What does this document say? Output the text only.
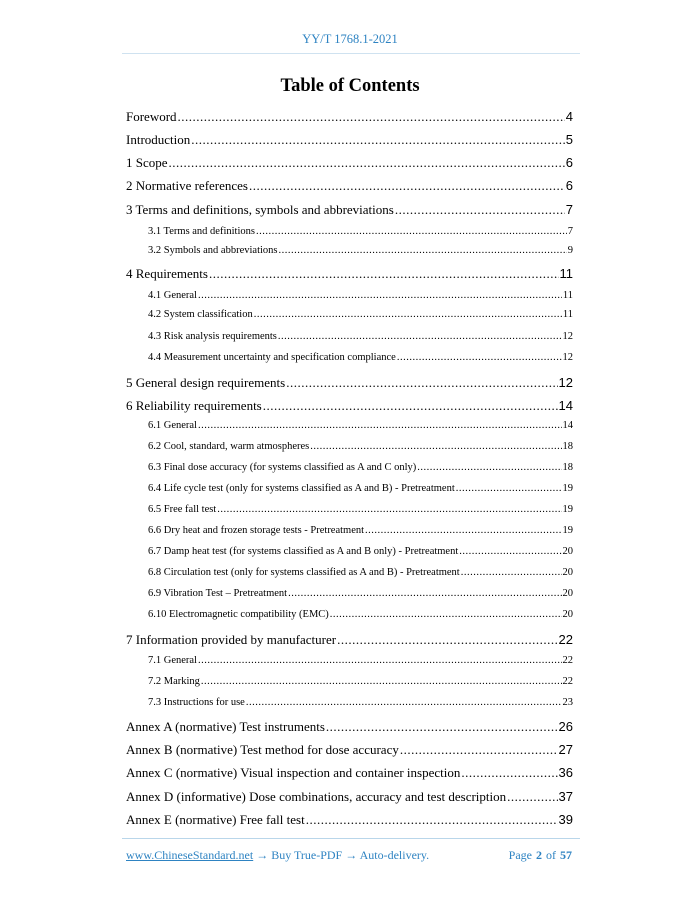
YY/T 1768.1-2021
Table of Contents
Foreword .....	4
Introduction .....	5
1 Scope .....	6
2 Normative references .....	6
3 Terms and definitions, symbols and abbreviations .....	7
3.1 Terms and definitions .....	7
3.2 Symbols and abbreviations .....	9
4 Requirements .....	11
4.1 General .....	11
4.2 System classification .....	11
4.3 Risk analysis requirements .....	12
4.4 Measurement uncertainty and specification compliance .....	12
5 General design requirements .....	12
6 Reliability requirements .....	14
6.1 General .....	14
6.2 Cool, standard, warm atmospheres .....	18
6.3 Final dose accuracy (for systems classified as A and C only) .....	18
6.4 Life cycle test (only for systems classified as A and B) - Pretreatment .....	19
6.5 Free fall test .....	19
6.6 Dry heat and frozen storage tests - Pretreatment .....	19
6.7 Damp heat test (for systems classified as A and B only) - Pretreatment .....	20
6.8 Circulation test (only for systems classified as A and B) - Pretreatment .....	20
6.9 Vibration Test – Pretreatment .....	20
6.10 Electromagnetic compatibility (EMC) .....	20
7 Information provided by manufacturer .....	22
7.1 General .....	22
7.2 Marking .....	22
7.3 Instructions for use .....	23
Annex A (normative) Test instruments .....	26
Annex B (normative) Test method for dose accuracy .....	27
Annex C (normative) Visual inspection and container inspection .....	36
Annex D (informative) Dose combinations, accuracy and test description .....	37
Annex E (normative) Free fall test .....	39
www.ChineseStandard.net → Buy True-PDF → Auto-delivery.	Page 2 of 57
